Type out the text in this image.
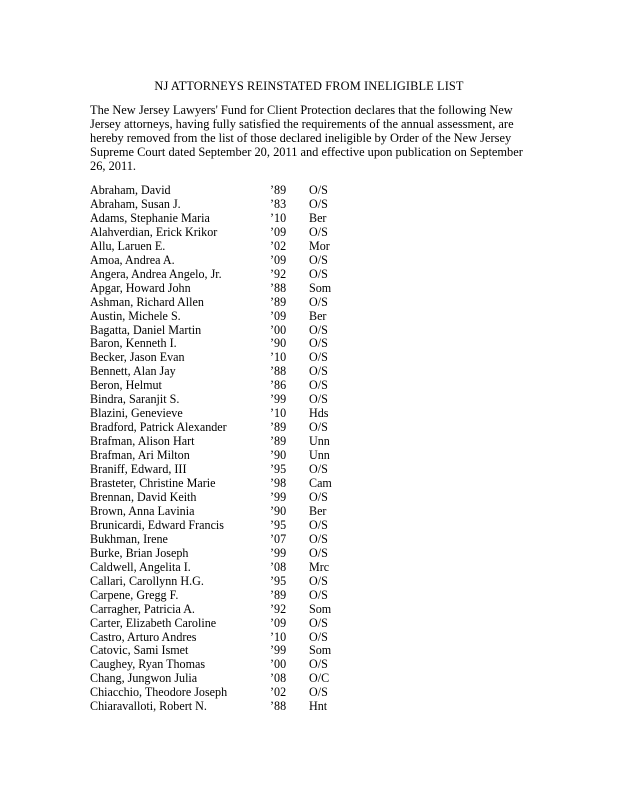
NJ ATTORNEYS REINSTATED FROM INELIGIBLE LIST
The New Jersey Lawyers' Fund for Client Protection declares that the following New Jersey attorneys, having fully satisfied the requirements of the annual assessment, are hereby removed from the list of those declared ineligible by Order of the New Jersey Supreme Court dated September 20, 2011 and effective upon publication on September 26, 2011.
Abraham, David	’89 O/S
Abraham, Susan J.	’83 O/S
Adams, Stephanie Maria	’10 Ber
Alahverdian, Erick Krikor	’09 O/S
Allu, Laruen E.	’02 Mor
Amoa, Andrea A.	’09 O/S
Angera, Andrea Angelo, Jr.	’92 O/S
Apgar, Howard John	’88 Som
Ashman, Richard Allen	’89 O/S
Austin, Michele S.	’09 Ber
Bagatta, Daniel Martin	’00 O/S
Baron, Kenneth I.	’90 O/S
Becker, Jason Evan	’10 O/S
Bennett, Alan Jay	’88 O/S
Beron, Helmut	’86 O/S
Bindra, Saranjit S.	’99 O/S
Blazini, Genevieve	’10 Hds
Bradford, Patrick Alexander	’89 O/S
Brafman, Alison Hart	’89 Unn
Brafman, Ari Milton	’90 Unn
Braniff, Edward, III	’95 O/S
Brasteter, Christine Marie	’98 Cam
Brennan, David Keith	’99 O/S
Brown, Anna Lavinia	’90 Ber
Brunicardi, Edward Francis	’95 O/S
Bukhman, Irene	’07 O/S
Burke, Brian Joseph	’99 O/S
Caldwell, Angelita I.	’08 Mrc
Callari, Carollynn H.G.	’95 O/S
Carpene, Gregg F.	’89 O/S
Carragher, Patricia A.	’92 Som
Carter, Elizabeth Caroline	’09 O/S
Castro, Arturo Andres	’10 O/S
Catovic, Sami Ismet	’99 Som
Caughey, Ryan Thomas	’00 O/S
Chang, Jungwon Julia	’08 O/C
Chiacchio, Theodore Joseph	’02 O/S
Chiaravalloti, Robert N.	’88 Hnt
